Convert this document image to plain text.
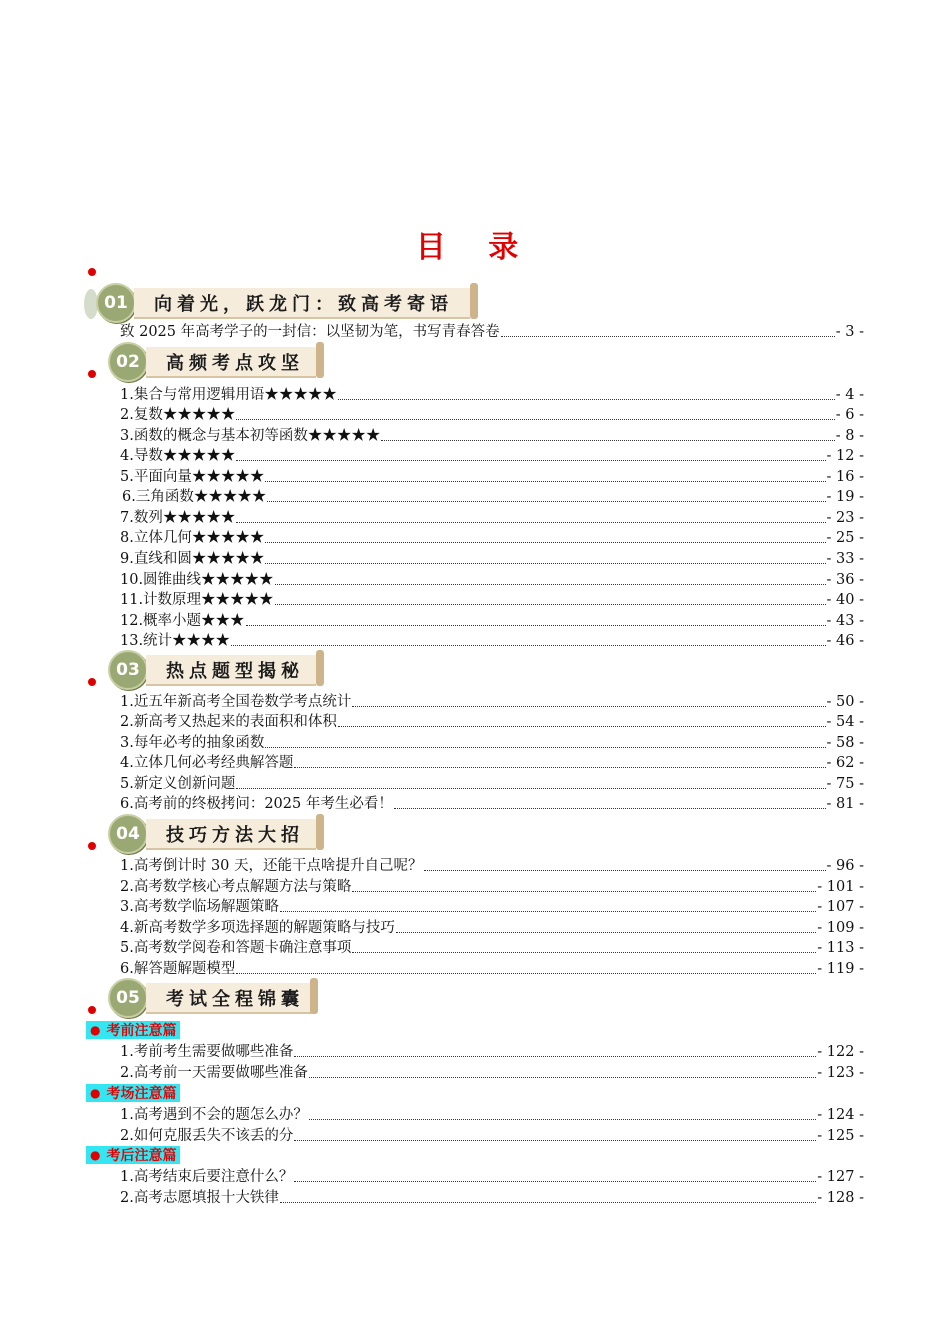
目 录
01	向着光，跃龙门：致高考寄语
致 2025 年高考学子的一封信：以坚韧为笔，书写青春答卷	- 3 -
02	高频考点攻坚
1.集合与常用逻辑用语★★★★★	- 4 -
2.复数★★★★★	- 6 -
3.函数的概念与基本初等函数★★★★★	- 8 -
4.导数★★★★★	- 12 -
5.平面向量★★★★★	- 16 -
6.三角函数★★★★★	- 19 -
7.数列★★★★★	- 23 -
8.立体几何★★★★★	- 25 -
9.直线和圆★★★★★	- 33 -
10.圆锥曲线★★★★★	- 36 -
11.计数原理★★★★★	- 40 -
12.概率小题★★★	- 43 -
13.统计★★★★	- 46 -
03	热点题型揭秘
1.近五年新高考全国卷数学考点统计	- 50 -
2.新高考又热起来的表面积和体积	- 54 -
3.每年必考的抽象函数	- 58 -
4.立体几何必考经典解答题	- 62 -
5.新定义创新问题	- 75 -
6.高考前的终极拷问：2025 年考生必看！	- 81 -
04	技巧方法大招
1.高考倒计时 30 天，还能干点啥提升自己呢？	- 96 -
2.高考数学核心考点解题方法与策略	- 101 -
3.高考数学临场解题策略	- 107 -
4.新高考数学多项选择题的解题策略与技巧	- 109 -
5.高考数学阅卷和答题卡确注意事项	- 113 -
6.解答题解题模型	- 119 -
05	考试全程锦囊
● 考前注意篇
1.考前考生需要做哪些准备	- 122 -
2.高考前一天需要做哪些准备	- 123 -
● 考场注意篇
1.高考遇到不会的题怎么办？	- 124 -
2.如何克服丢失不该丢的分	- 125 -
● 考后注意篇
1.高考结束后要注意什么？	- 127 -
2.高考志愿填报十大铁律	- 128 -
